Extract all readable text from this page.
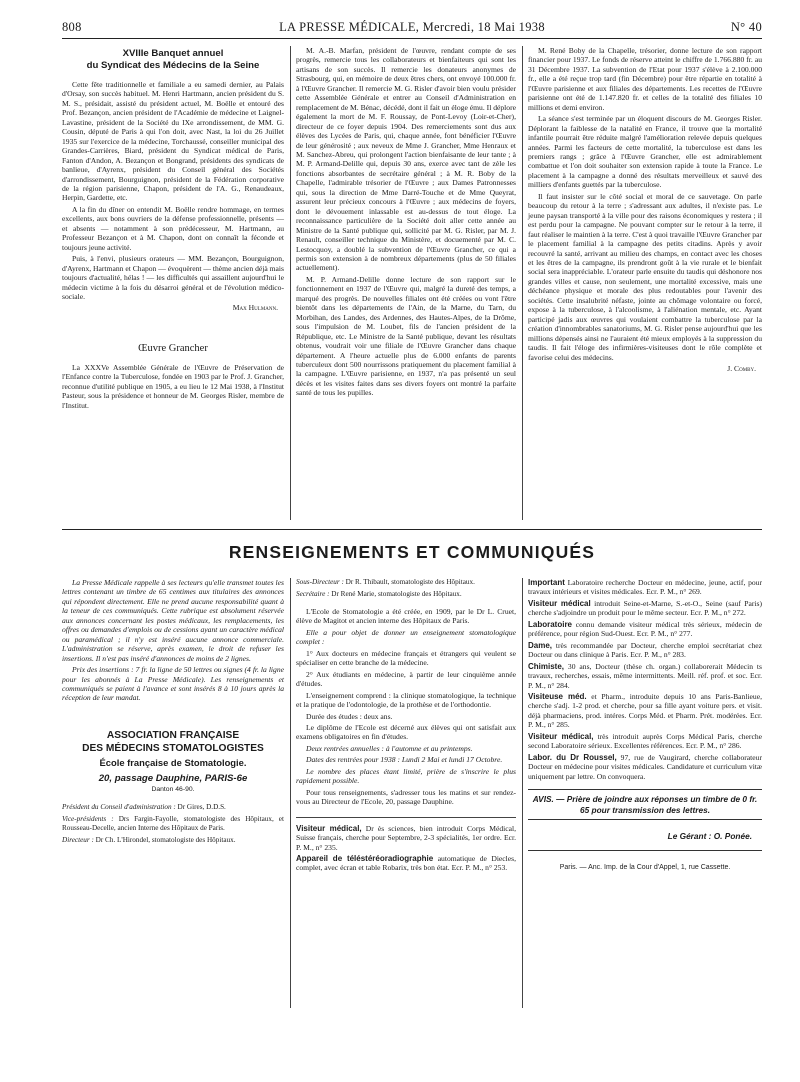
808	LA PRESSE MÉDICALE, Mercredi, 18 Mai 1938	N° 40
XVIIIe Banquet annuel
du Syndicat des Médecins de la Seine

Cette fête traditionnelle et familiale a eu samedi dernier, au Palais d'Orsay, son succès habituel. M. Henri Hartmann, ancien président du S. M. S., présidait, assisté du président actuel, M. Boëlle et entouré des Prof. Bezançon, ancien président de l'Académie de médecine et Laignel-Lavastine, président de la Société du IXe arrondissement, de MM. G. Cousin, député de Paris à qui l'on doit, avec Nast, la loi du 26 Juillet 1935 sur l'exercice de la médecine, Torchaussé, conseiller municipal des Grandes-Carrières, Biard, président du Syndicat médical de Paris, Fanton d'Andon, A. Bezançon et Bongrand, présidents des syndicats de banlieue, d'Ayrenx, président du Conseil général des Sociétés d'arrondissement, Bourguignon, président de la Fédération corporative de la région parisienne, Chapon, président de l'A. G., Renaudeaux, Herpin, Gardette, etc.

A la fin du dîner on entendit M. Boëlle rendre hommage, en termes excellents, aux bons ouvriers de la défense professionnelle, présents — et absents — notamment à son prédécesseur, M. Hartmann, au Professeur Bezançon et à M. Chapon, dont on connaît la féconde et toujours jeune activité.

Puis, à l'envi, plusieurs orateurs — MM. Bezançon, Bourguignon, d'Ayrenx, Hartmann et Chapon — évoquèrent — thème ancien déjà mais toujours d'actualité, hélas ! — les difficultés qui assaillent aujourd'hui le médecin victime à la fois du désarroi général et de l'évolution médico-sociale.

Max Hulmann.
Œuvre Grancher

La XXXVe Assemblée Générale de l'Œuvre de Préservation de l'Enfance contre la Tuberculose, fondée en 1903 par le Prof. J. Grancher, reconnue d'utilité publique en 1905, a eu lieu le 12 Mai 1938, à l'Institut Pasteur, sous la présidence et honneur de M. Georges Risler, membre de l'Institut.

M. A.-B. Marfan, président de l'œuvre, rendant compte de ses progrès, remercie tous les collaborateurs et bienfaiteurs qui sont les artisans de son succès. Il remercie les donateurs anonymes de Strasbourg, qui, en mémoire de deux êtres chers, ont envoyé 100.000 fr. à l'Œuvre Grancher. Il remercie M. G. Risler d'avoir bien voulu présider cette Assemblée Générale et entrer au Conseil d'Administration en remplacement de M. Bénac, décédé, dont il fait un éloge ému. Il déplore également la mort de M. F. Roussay, de Pont-Levoy (Loir-et-Cher), directeur de ce foyer depuis 1904. Des remerciements sont dus aux élèves des Lycées de Paris, qui, chaque année, font bénéficier l'Œuvre de leur générosité ; aux neveux de Mme J. Grancher, Mme Henraux et M. Sanchez-Abreu, qui prolongent l'action bienfaisante de leur tante ; à M. P. Armand-Delille qui, depuis 30 ans, exerce avec tant de zèle les fonctions absorbantes de secrétaire général ; à M. R. Boby de la Chapelle, l'admirable trésorier de l'Œuvre ; aux Dames Patronnesses qui, sous la direction de Mme Darré-Touche et de Mme Queyrat, assurent leur précieux concours à l'Œuvre ; aux médecins de foyers, dont le dévouement inlassable est au-dessus de tout éloge. La reconnaissance particulière de la Société doit aller cette année au Ministre de la Santé publique qui, sollicité par M. G. Risler, par M. J. Renault, conseiller technique du Ministère, et docuementé par M. C. Lestocquoy, a doublé la subvention de l'Œuvre Grancher, ce qui a permis son extension à de nombreux départements (plus de 50 filiales actuellement).

M. P. Armand-Delille donne lecture de son rapport sur le fonctionnement en 1937 de l'Œuvre qui, malgré la dureté des temps, a marqué des progrès. De nouvelles filiales ont été créées ou vont l'être bientôt dans les départements de l'Ain, de la Marne, du Tarn, du Morbihan, des Landes, des Ardennes, des Hautes-Alpes, de la Drôme, sous l'impulsion de M. Loubet, fils de l'ancien président de la République, etc. Le Ministre de la Santé publique, devant les résultats obtenus, voudrait voir une filiale de l'Œuvre Grancher dans chaque département. A l'heure actuelle plus de 6.000 enfants de parents tuberculeux dont 500 nourrissons pratiquement du placement familial à la campagne. L'Œuvre parisienne, en 1937, n'a pas présenté un seul décès et les visites faites dans ses divers foyers ont montré la parfaite santé de tous les pupilles.

M. René Boby de la Chapelle, trésorier, donne lecture de son rapport financier pour 1937. Le fonds de réserve atteint le chiffre de 1.766.880 fr. au 31 Décembre 1937. La subvention de l'Etat pour 1937 s'élève à 2.100.000 fr., elle a été reçue trop tard (fin Décembre) pour être répartie en totalité à l'Œuvre parisienne et aux filiales des départements. Les recettes de l'Œuvre parisienne ont été de 1.147.820 fr. et celles de la totalité des filiales 10 millions et demi environ.

La séance s'est terminée par un éloquent discours de M. Georges Risler. Déplorant la faiblesse de la natalité en France, il trouve que la mortalité infantile pourrait être réduite malgré l'amélioration relevée depuis quelques années. Parmi les facteurs de cette mortalité, la tuberculose est dans les premiers rangs ; grâce à l'Œuvre Grancher, elle est admirablement combattue et l'on doit souhaiter son extension rapide à toute la France. Le placement à la campagne a donné des résultats merveilleux et sauvé des milliers d'enfants guettés par la tuberculose.

Il faut insister sur le côté social et moral de ce sauvetage. On parle beaucoup du retour à la terre ; s'adressant aux adultes, il n'existe pas. Le jeune paysan transporté à la ville pour des raisons économiques y restera ; il est perdu pour la campagne. Ne pouvant compter sur le retour à la terre, il faut réaliser le maintien à la terre. C'est à quoi travaille l'Œuvre Grancher par le placement familial à la campagne des petits citadins. Après y avoir recouvré la santé, arrivant au milieu des champs, en contact avec les choses et les êtres de la campagne, ils prendront goût à la vie rurale et le bienfait social sera inappréciable. L'orateur parle ensuite du taudis qui déshonore nos grandes villes et cause, non seulement, une mortalité excessive, mais une déchéance physique et morale des plus redoutables pour l'avenir des sociétés. Cette insalubrité néfaste, jointe au chômage volontaire ou forcé, expose à la tuberculose, à l'alcoolisme, à l'aliénation mentale, etc. Ayant participé jadis aux œuvres qui voulaient combattre la tuberculose par la création d'innombrables sanatoriums, M. G. Risler pense aujourd'hui que les millions dépensés ainsi ne l'auraient été mieux employés à la suppression du taudis. Il fait l'éloge des infirmières-visiteuses dont le rôle complète et favorise celui des médecins.

J. Comby.
RENSEIGNEMENTS ET COMMUNIQUÉS

La Presse Médicale rappelle à ses lecteurs qu'elle transmet toutes les lettres contenant un timbre de 65 centimes aux titulaires des annonces qui répondent directement. Elle ne prend aucune responsabilité quant à la teneur de ces communiqués. Cette rubrique est absolument réservée aux annonces concernant les postes médicaux, les remplacements, les offres ou demandes d'emplois ou de cessions ayant un caractère médical ou paramédical ; il n'y est inséré aucune annonce commerciale. L'administration se réserve, après examen, le droit de refuser les insertions. Il n'est pas inséré d'annonces de moins de 2 lignes.

Prix des insertions : 7 fr. la ligne de 50 lettres ou signes (4 fr. la ligne pour les abonnés à La Presse Médicale). Les renseignements et communiqués se paient à l'avance et sont insérés 8 à 10 jours après la réception de leur mandat.

ASSOCIATION FRANÇAISE
DES MÉDECINS STOMATOLOGISTES
École française de Stomatologie.
20, passage Dauphine, PARIS-6e
Danton 46-90.
Président du Conseil d'administration : Dr Gires, D.D.S.
Vice-présidents : Drs Fargin-Fayolle, stomatologiste des Hôpitaux, et Rousseau-Decelle, ancien Interne des Hôpitaux de Paris.
Directeur : Dr Ch. L'Hirondel, stomatologiste des Hôpitaux.
Sous-Directeur : Dr R. Thibault, stomatologiste des Hôpitaux.
Secrétaire : Dr René Marie, stomatologiste des Hôpitaux.

L'Ecole de Stomatologie a été créée, en 1909, par le Dr L. Cruet, élève de Magitot et ancien interne des Hôpitaux de Paris.

Elle a pour objet de donner un enseignement stomatologique complet :

1° Aux docteurs en médecine français et étrangers qui veulent se spécialiser en cette branche de la médecine.

2° Aux étudiants en médecine, à partir de leur cinquième année d'études.

L'enseignement comprend : la clinique stomatologique, la technique et la pratique de l'odontologie, de la prothèse et de l'orthodontie.

Durée des études : deux ans.

Le diplôme de l'Ecole est décerné aux élèves qui ont satisfait aux examens obligatoires en fin d'études.

Deux rentrées annuelles : à l'automne et au printemps.

Dates des rentrées pour 1938 : Lundi 2 Mai et lundi 17 Octobre.

Le nombre des places étant limité, prière de s'inscrire le plus rapidement possible.

Pour tous renseignements, s'adresser tous les matins et sur rendez-vous au Directeur de l'Ecole, 20, passage Dauphine.

Visiteur médical, Dr ès sciences, bien introduit Corps Médical, Suisse français, cherche pour Septembre, 2-3 spécialités, 1er ordre. Ecr. P. M., n° 235.

Appareil de téléstéréoradiographie automatique de Diecles, complet, avec écran et table Robarix, très bon état. Ecr. P. M., n° 253.

Important Laboratoire recherche Docteur en médecine, jeune, actif, pour travaux intérieurs et visites médicales. Ecr. P. M., n° 269.

Visiteur médical introduit Seine-et-Marne, S.-et-O., Seine (sauf Paris) cherche s'adjoindre un produit pour le même secteur. Ecr. P. M., n° 272.

Laboratoire connu demande visiteur médical très sérieux, médecin de préférence, pour région Sud-Ouest. Ecr. P. M., n° 277.

Dame, très recommandée par Docteur, cherche emploi secrétariat chez Docteur ou dans clinique à Paris. Ecr. P. M., n° 283.

Chimiste, 30 ans, Docteur (thèse ch. organ.) collaborerait Médecin ts travaux, recherches, essais, même intermittents. Meill. réf. prof. et soc. Ecr. P. M., n° 284.

Visiteuse méd. et Pharm., introduite depuis 10 ans Paris-Banlieue, cherche s'adj. 1-2 prod. et cherche, pour sa fille ayant voiture pers. et visit. déjà pharmaciens, prod. intéres. Corps Méd. et Pharm. Prét. modérées. Ecr. P. M., n° 285.

Visiteur médical, très introduit auprès Corps Médical Paris, cherche second Laboratoire sérieux. Excellentes références. Ecr. P. M., n° 286.

Labor. du Dr Roussel, 97, rue de Vaugirard, cherche collaborateur Docteur en médecine pour visites médicales. Candidature et curriculum vitæ uniquement par lettre. On convoquera.

AVIS. — Prière de joindre aux réponses un timbre de 0 fr. 65 pour transmission des lettres.
Le Gérant : O. Ponée.
Paris. — Anc. Imp. de la Cour d'Appel, 1, rue Cassette.
